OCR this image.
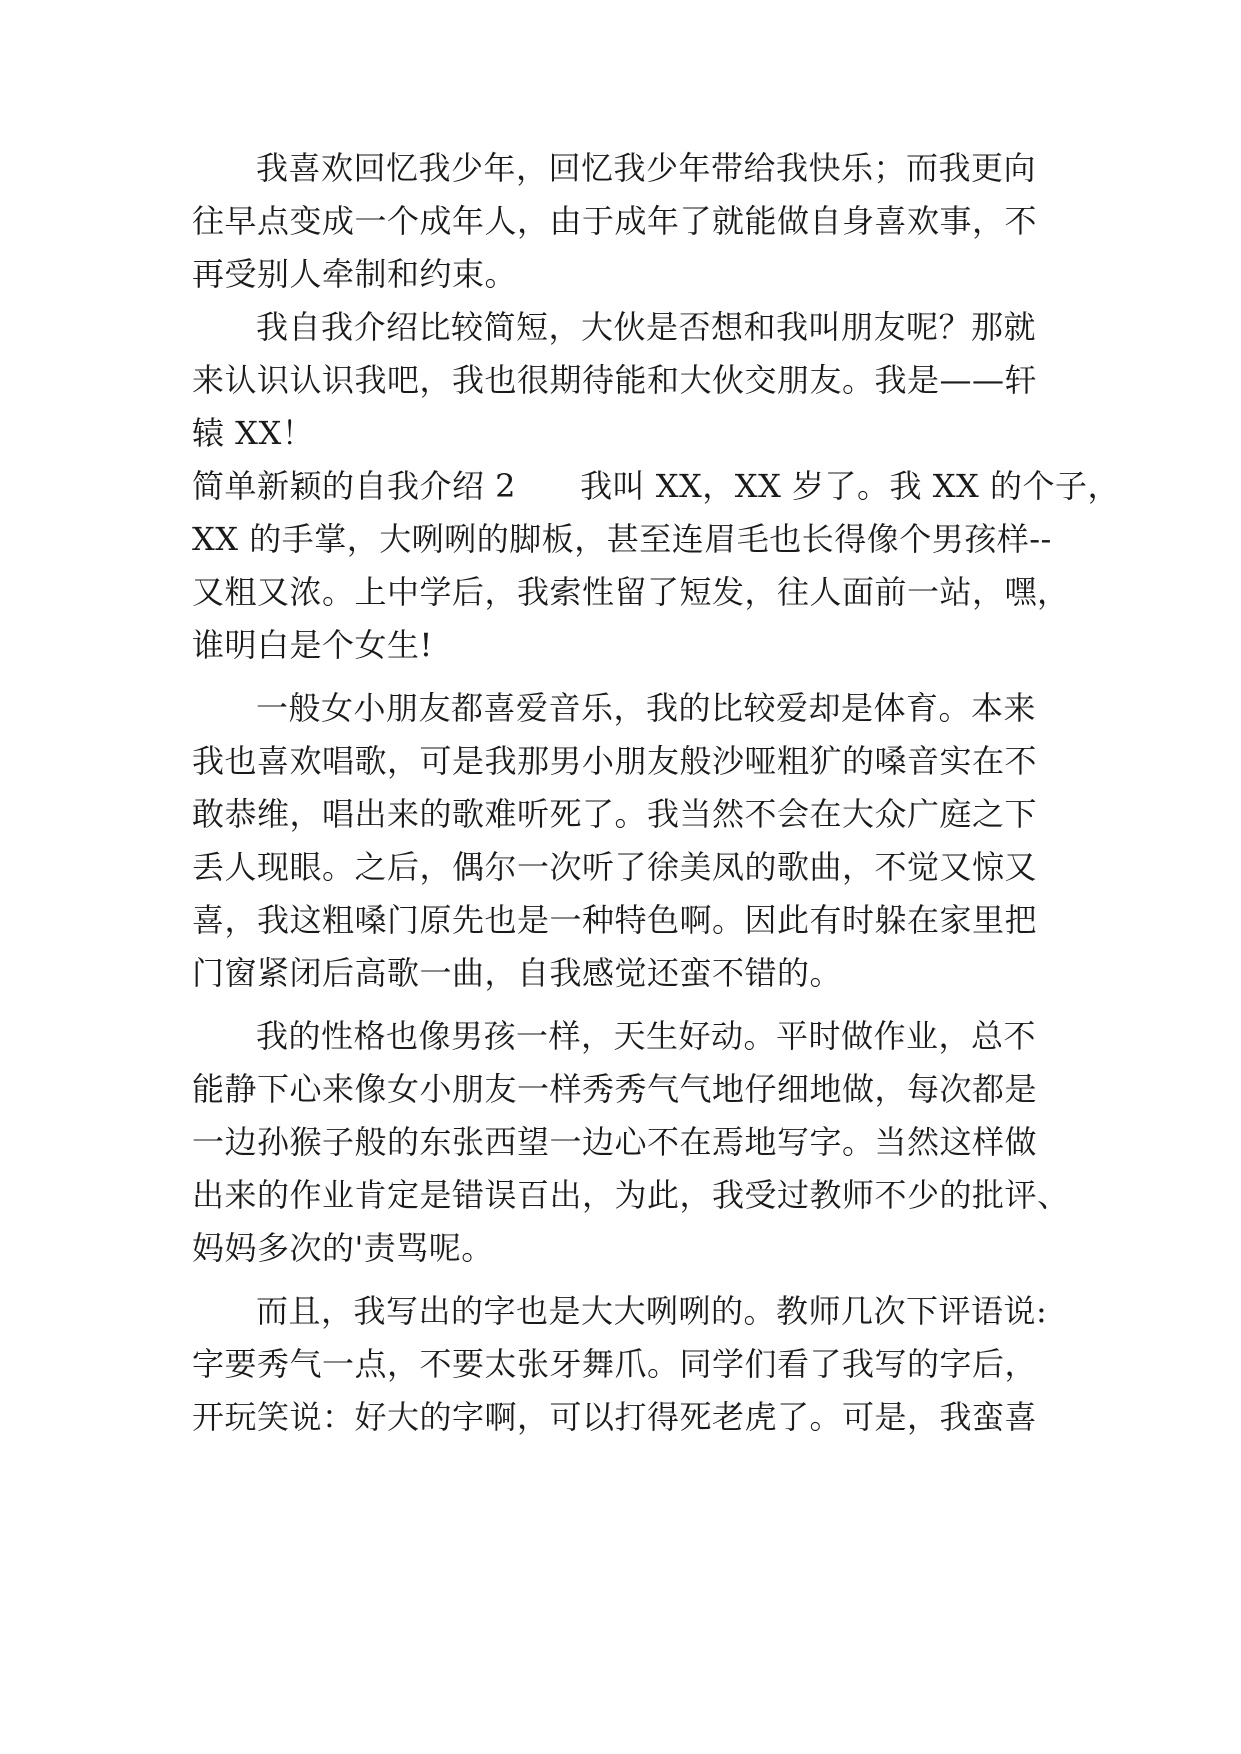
我喜欢回忆我少年，回忆我少年带给我快乐；而我更向
往早点变成一个成年人，由于成年了就能做自身喜欢事，不
再受别人牵制和约束。
我自我介绍比较简短，大伙是否想和我叫朋友呢？那就
来认识认识我吧，我也很期待能和大伙交朋友。我是——轩
辕 XX！
简单新颖的自我介绍 2      我叫 XX，XX 岁了。我 XX 的个子，
XX 的手掌，大咧咧的脚板，甚至连眉毛也长得像个男孩样--
又粗又浓。上中学后，我索性留了短发，往人面前一站，嘿，
谁明白是个女生!
一般女小朋友都喜爱音乐，我的比较爱却是体育。本来
我也喜欢唱歌，可是我那男小朋友般沙哑粗犷的嗓音实在不
敢恭维，唱出来的歌难听死了。我当然不会在大众广庭之下
丢人现眼。之后，偶尔一次听了徐美凤的歌曲，不觉又惊又
喜，我这粗嗓门原先也是一种特色啊。因此有时躲在家里把
门窗紧闭后高歌一曲，自我感觉还蛮不错的。
我的性格也像男孩一样，天生好动。平时做作业，总不
能静下心来像女小朋友一样秀秀气气地仔细地做，每次都是
一边孙猴子般的东张西望一边心不在焉地写字。当然这样做
出来的作业肯定是错误百出，为此，我受过教师不少的批评、
妈妈多次的'责骂呢。
而且，我写出的字也是大大咧咧的。教师几次下评语说:
字要秀气一点，不要太张牙舞爪。同学们看了我写的字后，
开玩笑说：好大的字啊，可以打得死老虎了。可是，我蛮喜
